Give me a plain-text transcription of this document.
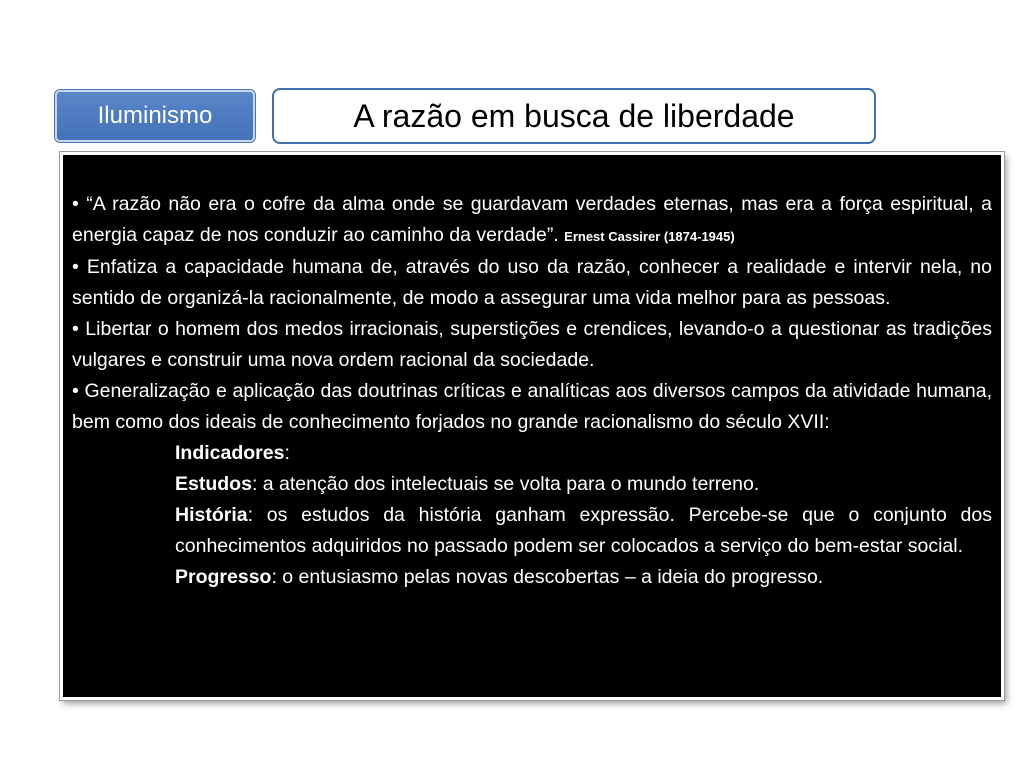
Iluminismo	A razão em busca de liberdade

• “A razão não era o cofre da alma onde se guardavam verdades eternas, mas era a força espiritual, a energia capaz de nos conduzir ao caminho da verdade”. Ernest Cassirer (1874-1945)

• Enfatiza a capacidade humana de, através do uso da razão, conhecer a realidade e intervir nela, no sentido de organizá-la racionalmente, de modo a assegurar uma vida melhor para as pessoas.

• Libertar o homem dos medos irracionais, superstições e crendices, levando-o a questionar as tradições vulgares e construir uma nova ordem racional da sociedade.

• Generalização e aplicação das doutrinas críticas e analíticas aos diversos campos da atividade humana, bem como dos ideais de conhecimento forjados no grande racionalismo do século XVII:

Indicadores:

Estudos: a atenção dos intelectuais se volta para o mundo terreno.

História: os estudos da história ganham expressão. Percebe-se que o conjunto dos conhecimentos adquiridos no passado podem ser colocados a serviço do bem-estar social.

Progresso: o entusiasmo pelas novas descobertas – a ideia do progresso.
